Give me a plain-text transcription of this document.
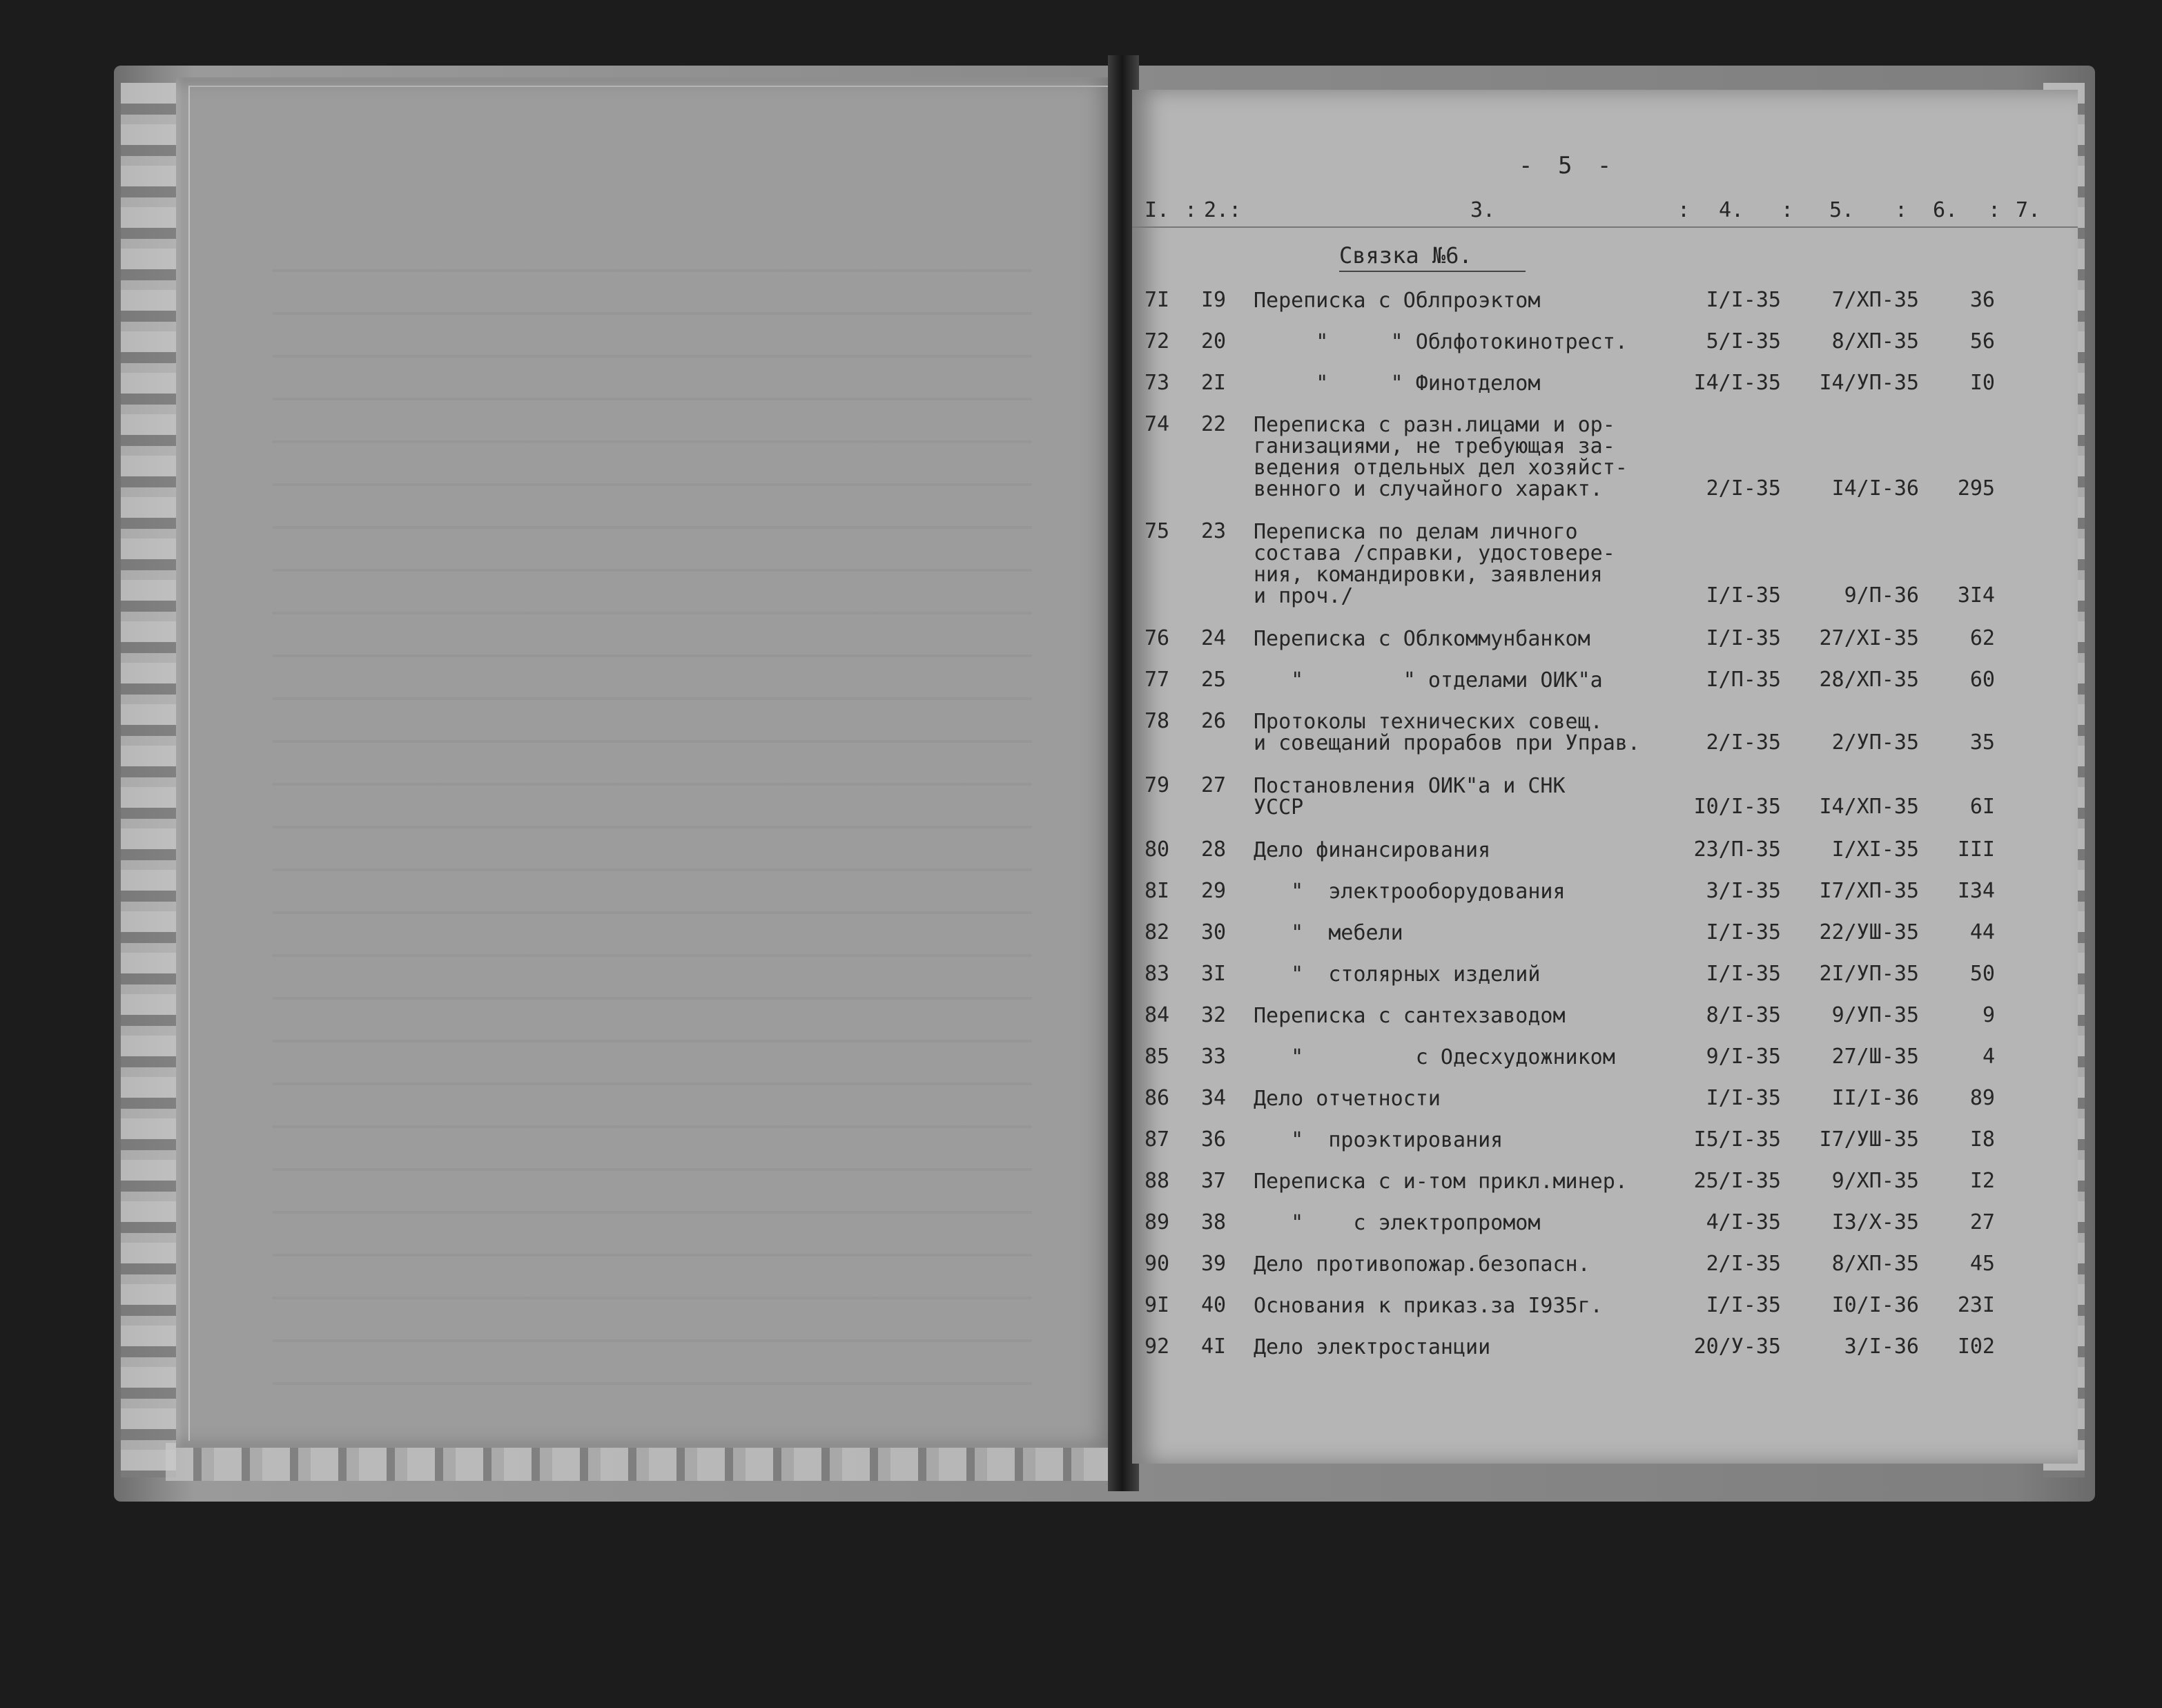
- 5 -
I. : 2.:	3.	: 4. : 5. : 6. : 7.
Связка №6.
7I I9 Переписка с Облпроэктом	I/I-35	7/XП-35	36
72 20 "     " Облфотокинотрест.	5/I-35	8/XП-35	56
73 2I "     " Финотделом	I4/I-35	I4/УП-35	I0
74 22 Переписка с разн.лицами и ор-
ганизациями, не требующая за-
ведения отдельных дел хозяйст-
венного и случайного характ.	2/I-35	I4/I-36	295
75 23 Переписка по делам личного
состава /справки, удостовере-
ния, командировки, заявления
и проч./	I/I-35	9/П-36	3I4
76 24 Переписка с Облкоммунбанком	I/I-35	27/XI-35	62
77 25 "        " отделами ОИК"а	I/П-35	28/XП-35	60
78 26 Протоколы технических совещ.
и совещаний прорабов при Управ.	2/I-35	2/УП-35	35
79 27 Постановления ОИК"а и СНК
УССР	I0/I-35	I4/XП-35	6I
80 28 Дело финансирования	23/П-35	I/XI-35	III
8I 29 "  электрооборудования	3/I-35	I7/XП-35	I34
82 30 "  мебели	I/I-35	22/УШ-35	44
83 3I "  столярных изделий	I/I-35	2I/УП-35	50
84 32 Переписка с сантехзаводом	8/I-35	9/УП-35	9
85 33 "         с Одесхудожником	9/I-35	27/Ш-35	4
86 34 Дело отчетности	I/I-35	II/I-36	89
87 36 "  проэктирования	I5/I-35	I7/УШ-35	I8
88 37 Переписка с и-том прикл.минер.	25/I-35	9/XП-35	I2
89 38 "    с электропромом	4/I-35	I3/X-35	27
90 39 Дело противопожар.безопасн.	2/I-35	8/XП-35	45
9I 40 Основания к приказ.за I935г.	I/I-35	I0/I-36	23I
92 4I Дело электростанции	20/У-35	3/I-36	I02
